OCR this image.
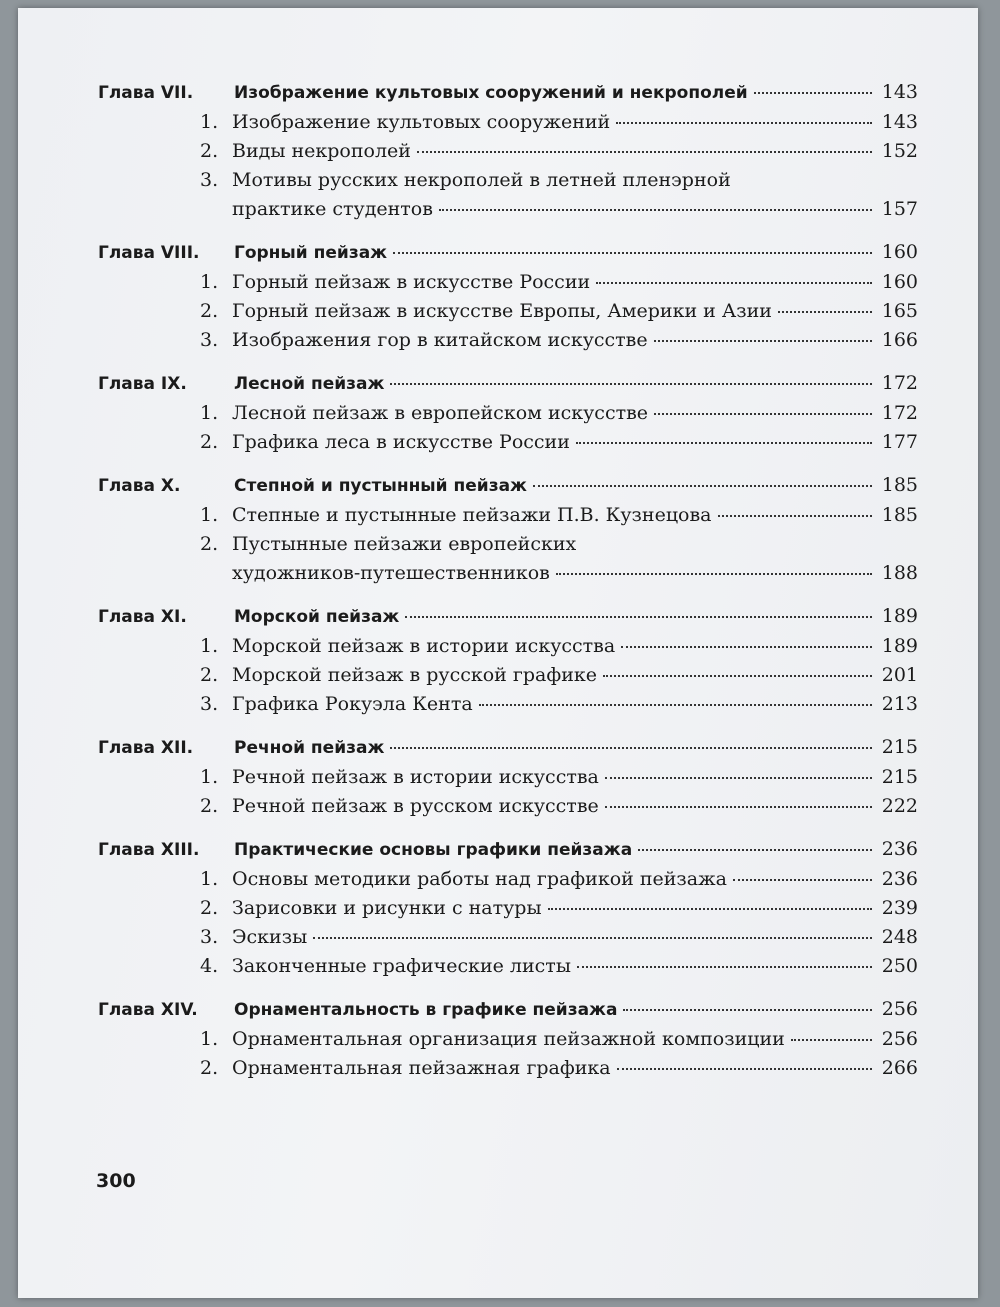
Глава VII.	Изображение культовых сооружений и некрополей	143
1. Изображение культовых сооружений	143
2. Виды некрополей	152
3. Мотивы русских некрополей в летней пленэрной
практике студентов	157
Глава VIII.	Горный пейзаж	160
1. Горный пейзаж в искусстве России	160
2. Горный пейзаж в искусстве Европы, Америки и Азии	165
3. Изображения гор в китайском искусстве	166
Глава IX.	Лесной пейзаж	172
1. Лесной пейзаж в европейском искусстве	172
2. Графика леса в искусстве России	177
Глава X.	Степной и пустынный пейзаж	185
1. Степные и пустынные пейзажи П.В. Кузнецова	185
2. Пустынные пейзажи европейских
художников-путешественников	188
Глава XI.	Морской пейзаж	189
1. Морской пейзаж в истории искусства	189
2. Морской пейзаж в русской графике	201
3. Графика Рокуэла Кента	213
Глава XII.	Речной пейзаж	215
1. Речной пейзаж в истории искусства	215
2. Речной пейзаж в русском искусстве	222
Глава XIII.	Практические основы графики пейзажа	236
1. Основы методики работы над графикой пейзажа	236
2. Зарисовки и рисунки с натуры	239
3. Эскизы	248
4. Законченные графические листы	250
Глава XIV.	Орнаментальность в графике пейзажа	256
1. Орнаментальная организация пейзажной композиции	256
2. Орнаментальная пейзажная графика	266
300
